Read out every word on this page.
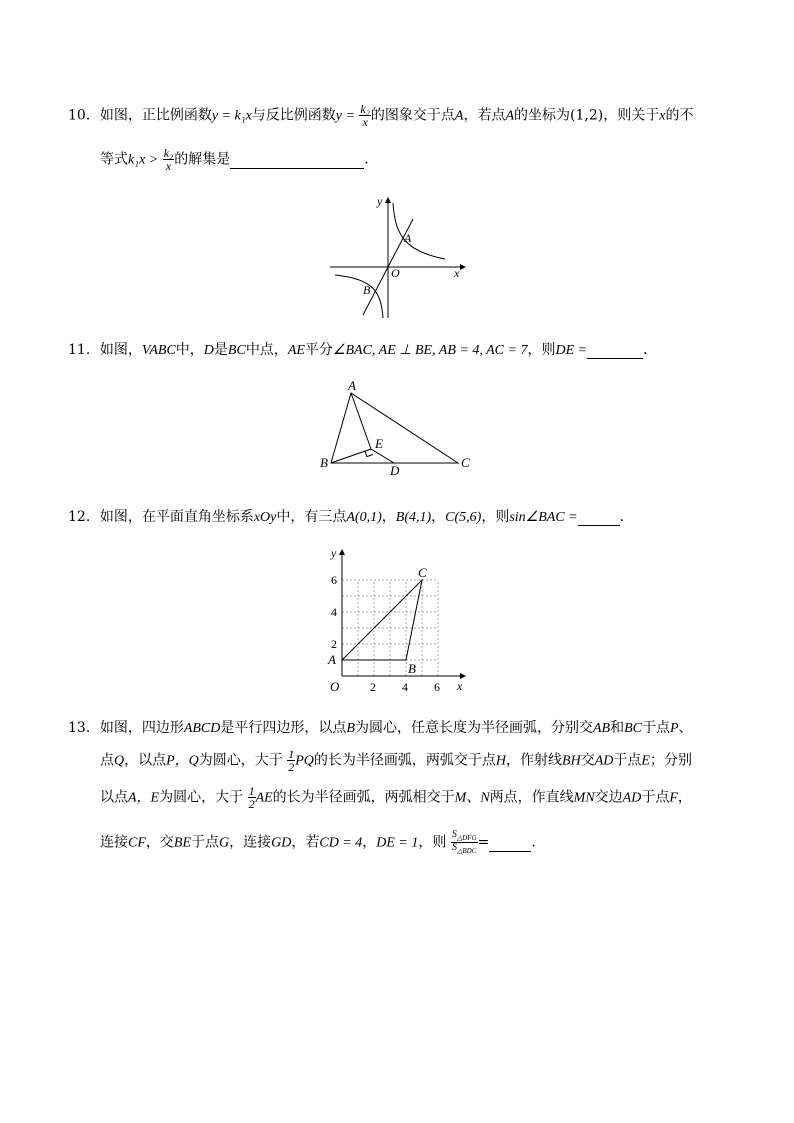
10．如图，正比例函数y = k₁x与反比例函数$y = \frac{\text{k₂}}{x}$ 的图象交于点A，若点A的坐标为(1,2)，则关于x的不
等式$k_1x > \frac{\text{k₂}}{x}$ 的解集是	．
y
x
O
A
B
11．如图，VABC中，D是BC中点，AE平分∠BAC, AE ⊥ BE, AB = 4, AC = 7，则DE =	．
A
B	C
D
E
12．如图，在平面直角坐标系xOy中，有三点A(0,1)，B(4,1)，C(5,6)，则sin∠BAC =	．
y
x
O
A
B
C
2 4 6
2
4
6
13．如图，四边形ABCD是平行四边形，以点B为圆心，任意长度为半径画弧，分别交AB和BC于点P、
点Q，以点P，Q为圆心，大于 $\frac{1}{2}$ PQ的长为半径画弧，两弧交于点H，作射线BH交AD于点E；分别
以点A，E为圆心，大于 $\frac{1}{2}$ AE的长为半径画弧，两弧相交于M、N两点，作直线MN交边AD于点F，
连接CF，交BE于点G，连接GD，若CD = 4，DE = 1，则 $\frac{S_{\triangle DFG}}{S_{\triangle BDC}}$ =	．
